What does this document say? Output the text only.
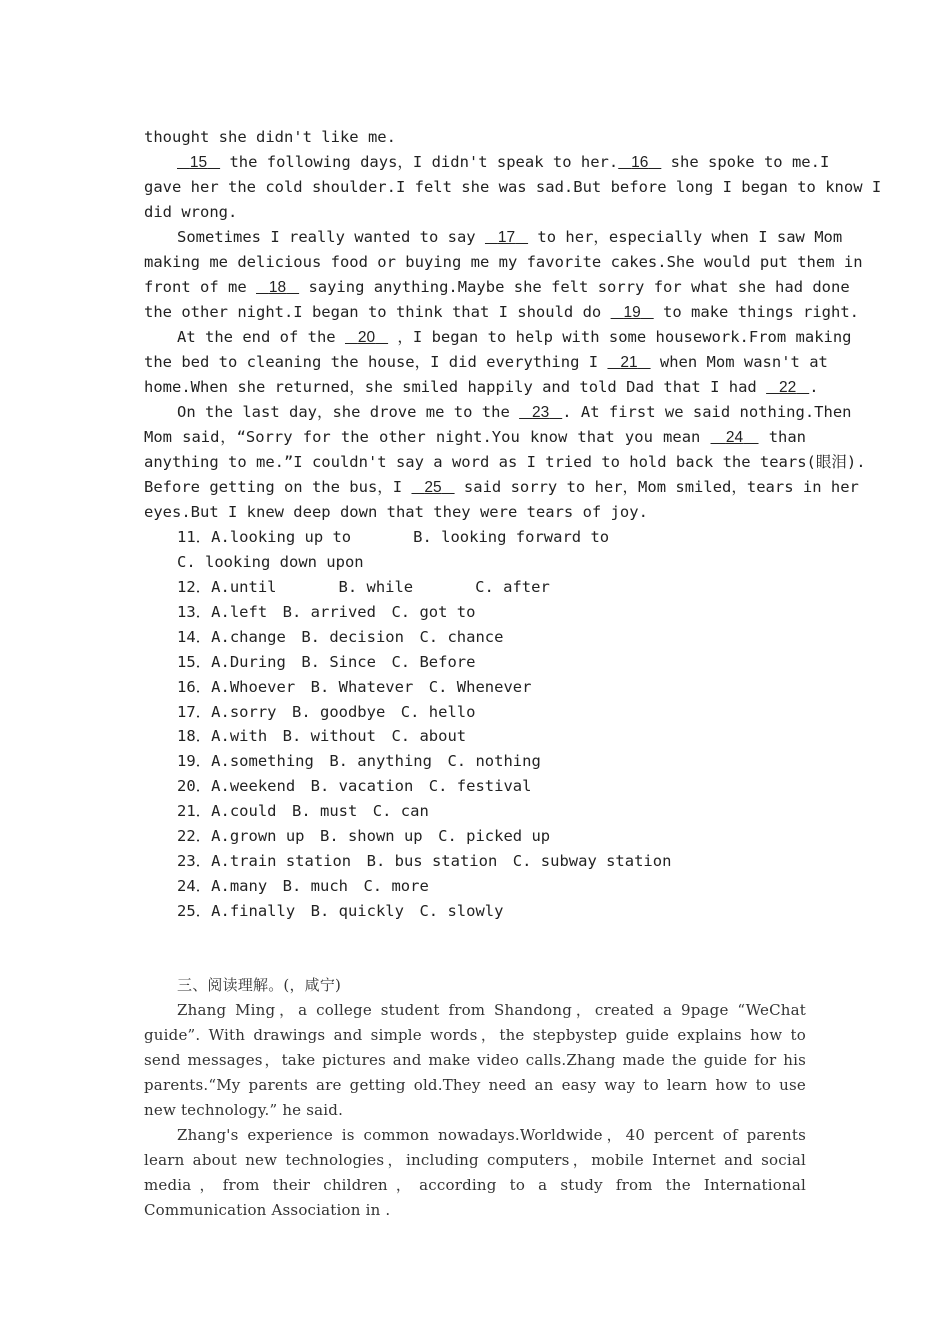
thought she didn't like me.
15 the following days，I didn't speak to her. 16 she spoke to me.I
gave her the cold shoulder.I felt she was sad.But before long I began to know I
did wrong.
Sometimes I really wanted to say 17 to her，especially when I saw Mom
making me delicious food or buying me my favorite cakes.She would put them in
front of me 18 saying anything.Maybe she felt sorry for what she had done
the other night.I began to think that I should do 19 to make things right.
At the end of the 20 ，I began to help with some housework.From making
the bed to cleaning the house，I did everything I 21 when Mom wasn't at
home.When she returned，she smiled happily and told Dad that I had 22 .
On the last day，she drove me to the 23 . At first we said nothing.Then
Mom said，“Sorry for the other night.You know that you mean 24 than
anything to me.”I couldn't say a word as I tried to hold back the tears(眼泪).
Before getting on the bus，I 25 said sorry to her，Mom smiled，tears in her
eyes.But I knew deep down that they were tears of joy.
11．A.looking up to　　　　B. looking forward to
C. looking down upon
12．A.until　　　　B. while　　　　C. after
13．A.left　B. arrived　C. got to
14．A.change　B. decision　C. chance
15．A.During　B. Since　C. Before
16．A.Whoever　B. Whatever　C. Whenever
17．A.sorry　B. goodbye　C. hello
18．A.with　B. without　C. about
19．A.something　B. anything　C. nothing
20．A.weekend　B. vacation　C. festival
21．A.could　B. must　C. can
22．A.grown up　B. shown up　C. picked up
23．A.train station　B. bus station　C. subway station
24．A.many　B. much　C. more
25．A.finally　B. quickly　C. slowly
三、阅读理解。(，咸宁)
Zhang Ming，a college student from Shandong，created a 9page “WeChat
guide”. With drawings and simple words，the stepbystep guide explains how to
send messages，take pictures and make video calls.Zhang made the guide for his
parents.“My parents are getting old.They need an easy way to learn how to use
new technology.” he said.
Zhang's experience is common nowadays.Worldwide，40 percent of parents
learn about new technologies，including computers，mobile Internet and social
media，from their children，according to a study from the International
Communication Association in .
